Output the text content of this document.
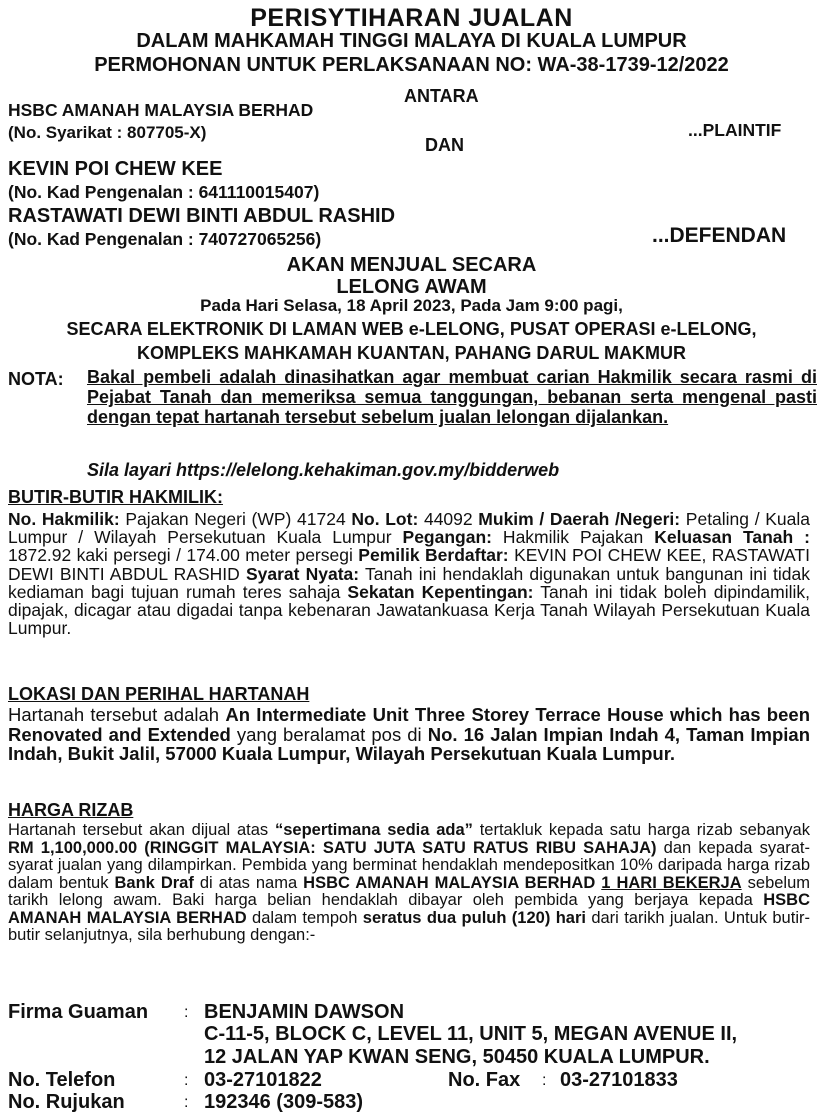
PERISYTIHARAN JUALAN
DALAM MAHKAMAH TINGGI MALAYA DI KUALA LUMPUR
PERMOHONAN UNTUK PERLAKSANAAN NO: WA-38-1739-12/2022
ANTARA
HSBC AMANAH MALAYSIA BERHAD
(No. Syarikat : 807705-X)	...PLAINTIF
DAN
KEVIN POI CHEW KEE
(No. Kad Pengenalan : 641110015407)
RASTAWATI DEWI BINTI ABDUL RASHID
(No. Kad Pengenalan : 740727065256)	...DEFENDAN
AKAN MENJUAL SECARA
LELONG AWAM
Pada Hari Selasa, 18 April 2023, Pada Jam 9:00 pagi,
SECARA ELEKTRONIK DI LAMAN WEB e-LELONG, PUSAT OPERASI e-LELONG,
KOMPLEKS MAHKAMAH KUANTAN, PAHANG DARUL MAKMUR
NOTA: Bakal pembeli adalah dinasihatkan agar membuat carian Hakmilik secara rasmi di Pejabat Tanah dan memeriksa semua tanggungan, bebanan serta mengenal pasti dengan tepat hartanah tersebut sebelum jualan lelongan dijalankan.
Sila layari https://elelong.kehakiman.gov.my/bidderweb
BUTIR-BUTIR HAKMILIK:
No. Hakmilik: Pajakan Negeri (WP) 41724 No. Lot: 44092 Mukim / Daerah /Negeri: Petaling / Kuala Lumpur / Wilayah Persekutuan Kuala Lumpur Pegangan: Hakmilik Pajakan Keluasan Tanah : 1872.92 kaki persegi / 174.00 meter persegi Pemilik Berdaftar: KEVIN POI CHEW KEE, RASTAWATI DEWI BINTI ABDUL RASHID Syarat Nyata: Tanah ini hendaklah digunakan untuk bangunan ini tidak kediaman bagi tujuan rumah teres sahaja Sekatan Kepentingan: Tanah ini tidak boleh dipindamilik, dipajak, dicagar atau digadai tanpa kebenaran Jawatankuasa Kerja Tanah Wilayah Persekutuan Kuala Lumpur.
LOKASI DAN PERIHAL HARTANAH
Hartanah tersebut adalah An Intermediate Unit Three Storey Terrace House which has been Renovated and Extended yang beralamat pos di No. 16 Jalan Impian Indah 4, Taman Impian Indah, Bukit Jalil, 57000 Kuala Lumpur, Wilayah Persekutuan Kuala Lumpur.
HARGA RIZAB
Hartanah tersebut akan dijual atas “sepertimana sedia ada” tertakluk kepada satu harga rizab sebanyak RM 1,100,000.00 (RINGGIT MALAYSIA: SATU JUTA SATU RATUS RIBU SAHAJA) dan kepada syarat-syarat jualan yang dilampirkan. Pembida yang berminat hendaklah mendepositkan 10% daripada harga rizab dalam bentuk Bank Draf di atas nama HSBC AMANAH MALAYSIA BERHAD 1 HARI BEKERJA sebelum tarikh lelong awam. Baki harga belian hendaklah dibayar oleh pembida yang berjaya kepada HSBC AMANAH MALAYSIA BERHAD dalam tempoh seratus dua puluh (120) hari dari tarikh jualan. Untuk butir-butir selanjutnya, sila berhubung dengan:-
Firma Guaman : BENJAMIN DAWSON
C-11-5, BLOCK C, LEVEL 11, UNIT 5, MEGAN AVENUE II,
12 JALAN YAP KWAN SENG, 50450 KUALA LUMPUR.
No. Telefon	: 03-27101822	No. Fax : 03-27101833
No. Rujukan	: 192346 (309-583)
